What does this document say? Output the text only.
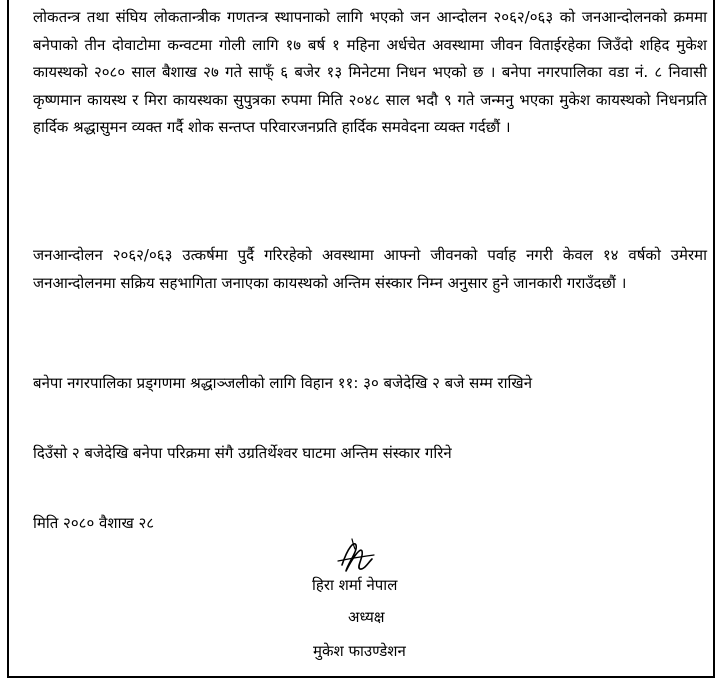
लोकतन्त्र तथा संघिय लोकतान्त्रीक गणतन्त्र स्थापनाको लागि भएको जन आन्दोलन २०६२/०६३ को जनआन्दोलनको क्रममा बनेपाको तीन दोवाटोमा कन्वटमा गोली लागि १७ बर्ष १ महिना अर्धचेत अवस्थामा जीवन विताईरहेका जिउँदो शहिद मुकेश कायस्थको २०८० साल बैशाख २७ गते साफ्ँ ६ बजेर १३ मिनेटमा निधन भएको छ । बनेपा नगरपालिका वडा नं. ८ निवासी कृष्णमान कायस्थ र मिरा कायस्थका सुपुत्रका रुपमा मिति २०४८ साल भदौ ९ गते जन्मनु भएका मुकेश कायस्थको निधनप्रति हार्दिक श्रद्धासुमन व्यक्त गर्दै शोक सन्तप्त परिवारजनप्रति हार्दिक समवेदना व्यक्त गर्दछौं ।

जनआन्दोलन २०६२/०६३ उत्कर्षमा पुर्दै गरिरहेको अवस्थामा आफ्नो जीवनको पर्वाह नगरी केवल १४ वर्षको उमेरमा जनआन्दोलनमा सक्रिय सहभागिता जनाएका कायस्थको अन्तिम संस्कार निम्न अनुसार हुने जानकारी गराउँदछौं ।

बनेपा नगरपालिका प्रड्गणमा श्रद्धाञ्जलीको लागि विहान ११: ३० बजेदेखि २ बजे सम्म राखिने

दिउँसो २ बजेदेखि बनेपा परिक्रमा संगै उग्रतिर्थेश्वर घाटमा अन्तिम संस्कार गरिने

मिति २०८० वैशाख २८

हिरा शर्मा नेपाल

अध्यक्ष

मुकेश फाउण्डेशन
